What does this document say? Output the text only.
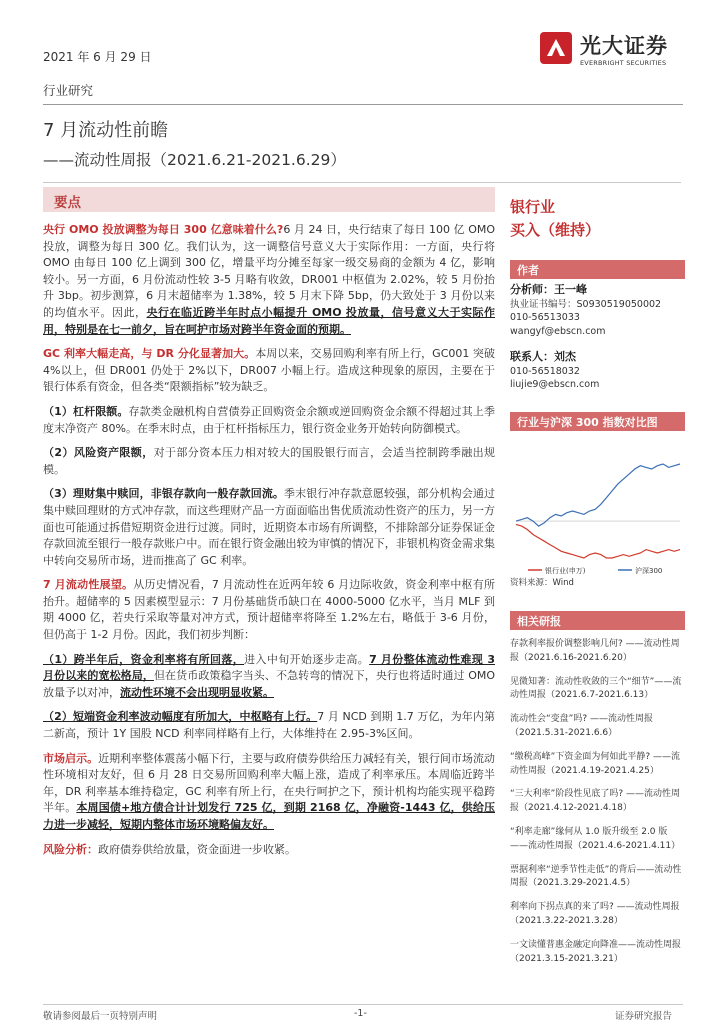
2021 年 6 月 29 日
行业研究
7 月流动性前瞻
——流动性周报（2021.6.21-2021.6.29）
光大证券
EVERBRIGHT SECURITIES
要点

央行 OMO 投放调整为每日 300 亿意味着什么?6 月 24 日，央行结束了每日 100 亿 OMO 投放，调整为每日 300 亿。我们认为，这一调整信号意义大于实际作用：一方面，央行将 OMO 由每日 100 亿上调到 300 亿，增量平均分摊至每家一级交易商的金额为 4 亿，影响较小。另一方面，6 月份流动性较 3-5 月略有收敛，DR001 中枢值为 2.02%，较 5 月份抬升 3bp。初步测算，6 月末超储率为 1.38%，较 5 月末下降 5bp，仍大致处于 3 月份以来的均值水平。因此，央行在临近跨半年时点小幅提升 OMO 投放量，信号意义大于实际作用，特别是在七一前夕，旨在呵护市场对跨半年资金面的预期。

GC 利率大幅走高，与 DR 分化显著加大。本周以来，交易回购利率有所上行，GC001 突破 4%以上，但 DR001 仍处于 2%以下，DR007 小幅上行。造成这种现象的原因，主要在于银行体系有资金，但各类“限额指标”较为缺乏。

（1）杠杆限额。存款类金融机构自营债券正回购资金余额或逆回购资金余额不得超过其上季度末净资产 80%。在季末时点，由于杠杆指标压力，银行资金业务开始转向防御模式。

（2）风险资产限额，对于部分资本压力相对较大的国股银行而言，会适当控制跨季融出规模。

（3）理财集中赎回，非银存款向一般存款回流。季末银行冲存款意愿较强，部分机构会通过集中赎回理财的方式冲存款，而这些理财产品一方面面临出售优质流动性资产的压力，另一方面也可能通过拆借短期资金进行过渡。同时，近期资本市场有所调整，不排除部分证券保证金存款回流至银行一般存款账户中。而在银行资金融出较为审慎的情况下，非银机构资金需求集中转向交易所市场，进而推高了 GC 利率。

7 月流动性展望。从历史情况看，7 月流动性在近两年较 6 月边际收敛，资金利率中枢有所抬升。超储率的 5 因素模型显示：7 月份基础货币缺口在 4000-5000 亿水平，当月 MLF 到期 4000 亿，若央行采取等量对冲方式，预计超储率将降至 1.2%左右，略低于 3-6 月份，但仍高于 1-2 月份。因此，我们初步判断：

（1）跨半年后，资金利率将有所回落，进入中旬开始逐步走高。7 月份整体流动性难现 3 月份以来的宽松格局，但在货币政策稳字当头、不急转弯的情况下，央行也将适时通过 OMO 放量予以对冲，流动性环境不会出现明显收紧。

（2）短端资金利率波动幅度有所加大，中枢略有上行。7 月 NCD 到期 1.7 万亿，为年内第二新高，预计 1Y 国股 NCD 利率同样略有上行，大体维持在 2.95-3%区间。

市场启示。近期利率整体震荡小幅下行，主要与政府债券供给压力减轻有关，银行间市场流动性环境相对友好，但 6 月 28 日交易所回购利率大幅上涨，造成了利率承压。本周临近跨半年，DR 利率基本维持稳定，GC 利率有所上行，在央行呵护之下，预计机构均能实现平稳跨半年。本周国债+地方债合计计划发行 725 亿，到期 2168 亿，净融资-1443 亿，供给压力进一步减轻，短期内整体市场环境略偏友好。

风险分析：政府债券供给放量，资金面进一步收紧。

银行业
买入（维持）
作者
分析师：王一峰
执业证书编号：S0930519050002
010-56513033
wangyf@ebscn.com
联系人：刘杰
010-56518032
liujie9@ebscn.com
行业与沪深 300 指数对比图
银行业(申万)	沪深300
资料来源：Wind
相关研报
存款利率报价调整影响几何? ——流动性周报（2021.6.16-2021.6.20）
见微知著：流动性收敛的三个“细节”——流动性周报（2021.6.7-2021.6.13）
流动性会“变盘”吗? ——流动性周报（2021.5.31-2021.6.6）
“缴税高峰”下资金面为何如此平静? ——流动性周报（2021.4.19-2021.4.25）
“三大利率”阶段性见底了吗? ——流动性周报（2021.4.12-2021.4.18）
“利率走廊”缘何从 1.0 版升级至 2.0 版——流动性周报（2021.4.6-2021.4.11）
票据利率“逆季节性走低”的背后——流动性周报（2021.3.29-2021.4.5）
利率向下拐点真的来了吗? ——流动性周报（2021.3.22-2021.3.28）
一文读懂普惠金融定向降准——流动性周报（2021.3.15-2021.3.21）
敬请参阅最后一页特别声明	-1-	证券研究报告
